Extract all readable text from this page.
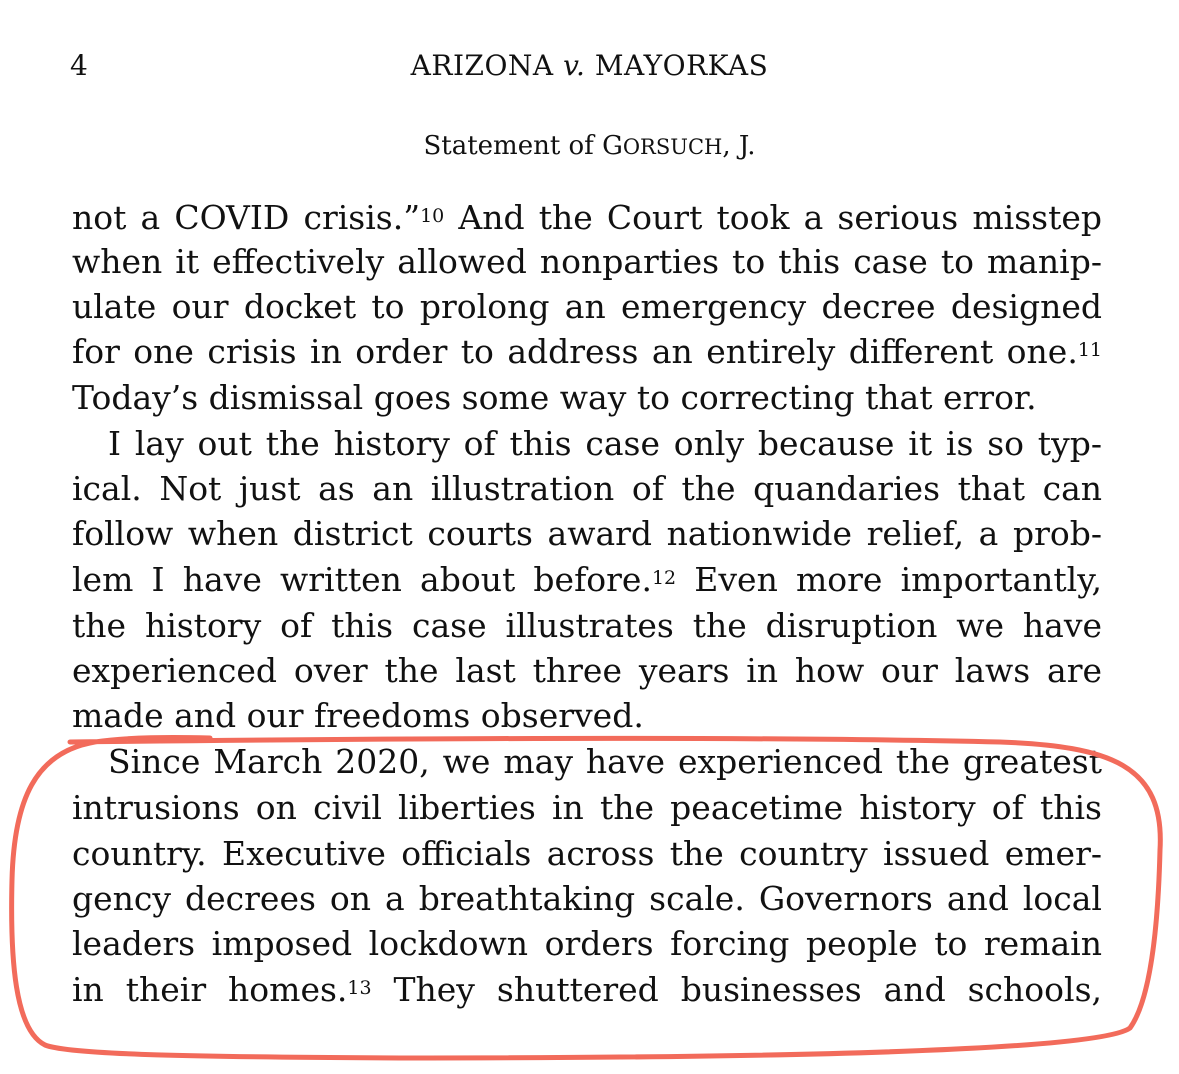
4	ARIZONA v. MAYORKAS
Statement of GORSUCH, J.
not a COVID crisis.”$^{10}$ And the Court took a serious misstep
when it effectively allowed nonparties to this case to manip-
ulate our docket to prolong an emergency decree designed
for one crisis in order to address an entirely different one.$^{11}$
Today’s dismissal goes some way to correcting that error.
I lay out the history of this case only because it is so typ-
ical. Not just as an illustration of the quandaries that can
follow when district courts award nationwide relief, a prob-
lem I have written about before.$^{12}$ Even more importantly,
the history of this case illustrates the disruption we have
experienced over the last three years in how our laws are
made and our freedoms observed.
Since March 2020, we may have experienced the greatest
intrusions on civil liberties in the peacetime history of this
country. Executive officials across the country issued emer-
gency decrees on a breathtaking scale. Governors and local
leaders imposed lockdown orders forcing people to remain
in their homes.$^{13}$ They shuttered businesses and schools,
